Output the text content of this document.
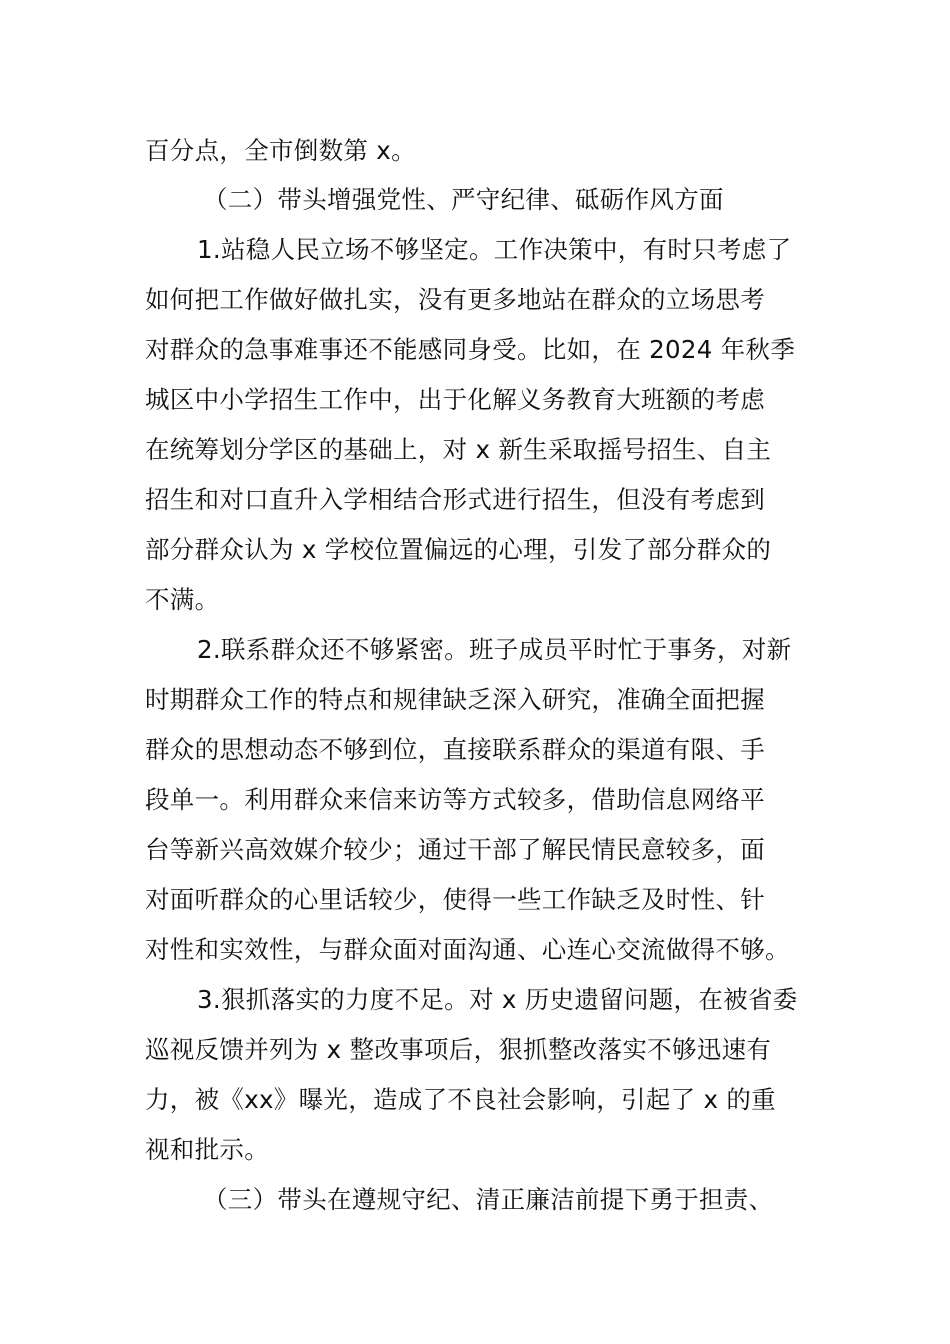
百分点，全市倒数第 x。
（二）带头增强党性、严守纪律、砥砺作风方面
1.站稳人民立场不够坚定。工作决策中，有时只考虑了
如何把工作做好做扎实，没有更多地站在群众的立场思考
对群众的急事难事还不能感同身受。比如，在 2024 年秋季
城区中小学招生工作中，出于化解义务教育大班额的考虑
在统筹划分学区的基础上，对 x 新生采取摇号招生、自主
招生和对口直升入学相结合形式进行招生，但没有考虑到
部分群众认为 x 学校位置偏远的心理，引发了部分群众的
不满。
2.联系群众还不够紧密。班子成员平时忙于事务，对新
时期群众工作的特点和规律缺乏深入研究，准确全面把握
群众的思想动态不够到位，直接联系群众的渠道有限、手
段单一。利用群众来信来访等方式较多，借助信息网络平
台等新兴高效媒介较少；通过干部了解民情民意较多，面
对面听群众的心里话较少，使得一些工作缺乏及时性、针
对性和实效性，与群众面对面沟通、心连心交流做得不够。
3.狠抓落实的力度不足。对 x 历史遗留问题，在被省委
巡视反馈并列为 x 整改事项后，狠抓整改落实不够迅速有
力，被《xx》曝光，造成了不良社会影响，引起了 x 的重
视和批示。
（三）带头在遵规守纪、清正廉洁前提下勇于担责、
